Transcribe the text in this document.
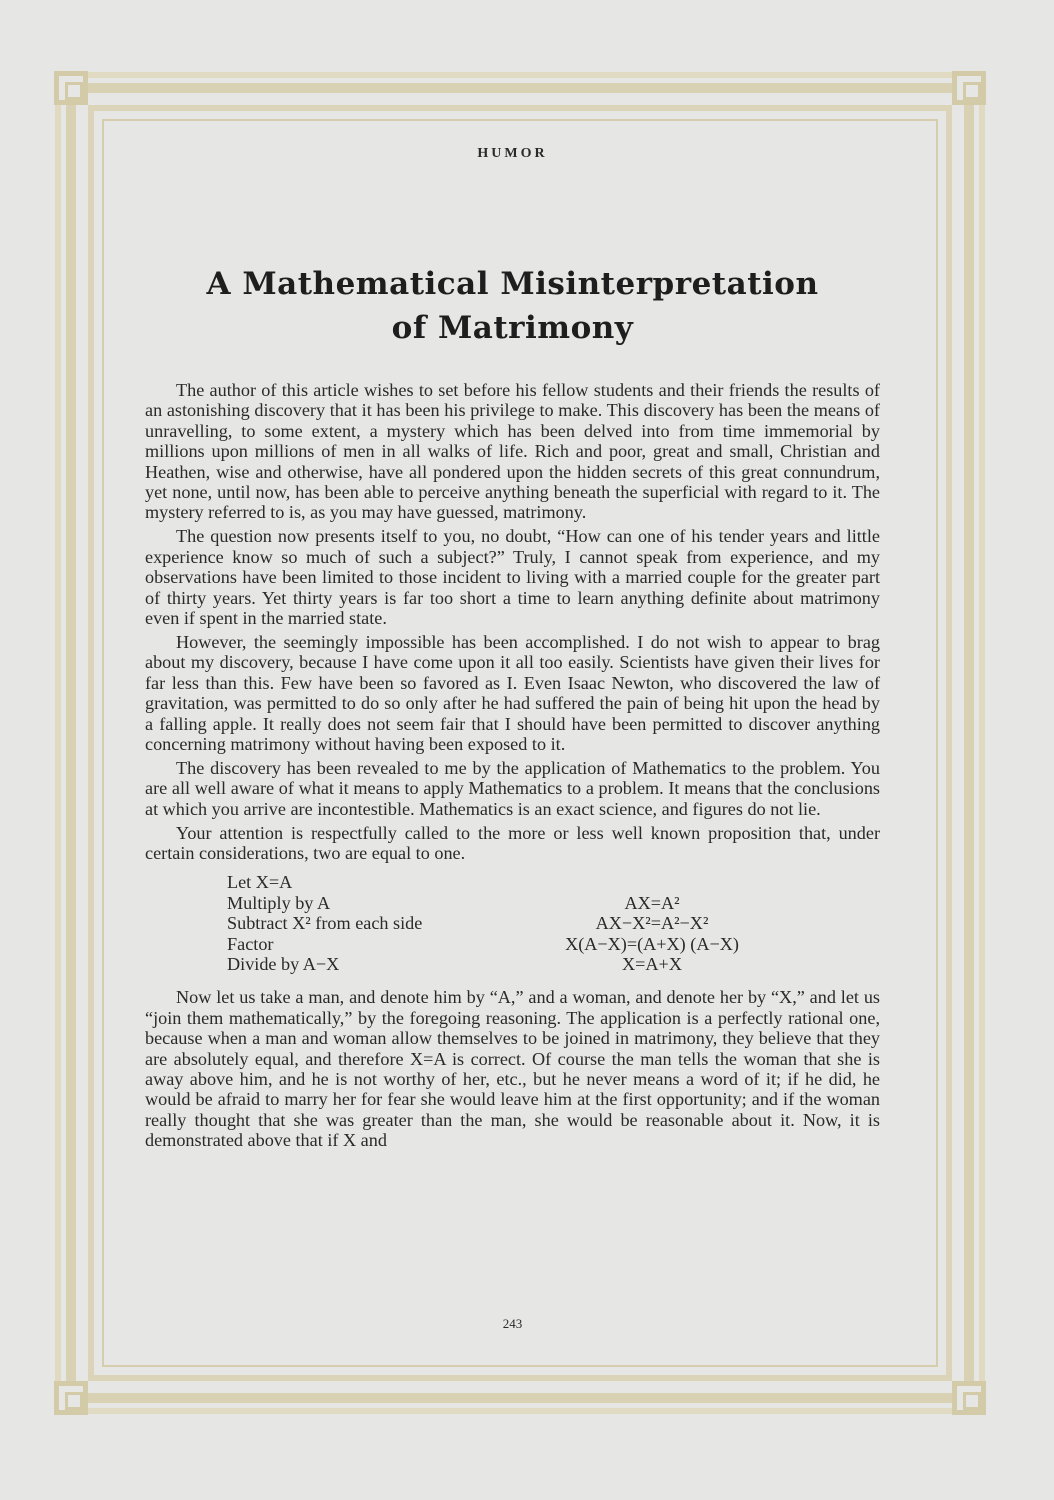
HUMOR
A Mathematical Misinterpretation
of Matrimony

The author of this article wishes to set before his fellow students and their friends the results of an astonishing discovery that it has been his privilege to make. This discovery has been the means of unravelling, to some extent, a mystery which has been delved into from time immemorial by millions upon millions of men in all walks of life. Rich and poor, great and small, Christian and Heathen, wise and otherwise, have all pondered upon the hidden secrets of this great connundrum, yet none, until now, has been able to perceive anything beneath the superficial with regard to it. The mystery referred to is, as you may have guessed, matrimony.

The question now presents itself to you, no doubt, “How can one of his tender years and little experience know so much of such a subject?” Truly, I cannot speak from experience, and my observations have been limited to those incident to living with a married couple for the greater part of thirty years. Yet thirty years is far too short a time to learn anything definite about matrimony even if spent in the married state.

However, the seemingly impossible has been accomplished. I do not wish to appear to brag about my discovery, because I have come upon it all too easily. Scientists have given their lives for far less than this. Few have been so favored as I. Even Isaac Newton, who discovered the law of gravitation, was permitted to do so only after he had suffered the pain of being hit upon the head by a falling apple. It really does not seem fair that I should have been permitted to discover anything concerning matrimony without having been exposed to it.

The discovery has been revealed to me by the application of Mathematics to the problem. You are all well aware of what it means to apply Mathematics to a problem. It means that the conclusions at which you arrive are incontestible. Mathematics is an exact science, and figures do not lie.

Your attention is respectfully called to the more or less well known proposition that, under certain considerations, two are equal to one.

Let X=A
Multiply by A	AX=A²
Subtract X² from each side	AX−X²=A²−X²
Factor	X(A−X)=(A+X) (A−X)
Divide by A−X	X=A+X

Now let us take a man, and denote him by “A,” and a woman, and denote her by “X,” and let us “join them mathematically,” by the foregoing reasoning. The application is a perfectly rational one, because when a man and woman allow themselves to be joined in matrimony, they believe that they are absolutely equal, and therefore X=A is correct. Of course the man tells the woman that she is away above him, and he is not worthy of her, etc., but he never means a word of it; if he did, he would be afraid to marry her for fear she would leave him at the first opportunity; and if the woman really thought that she was greater than the man, she would be reasonable about it. Now, it is demonstrated above that if X and

243
